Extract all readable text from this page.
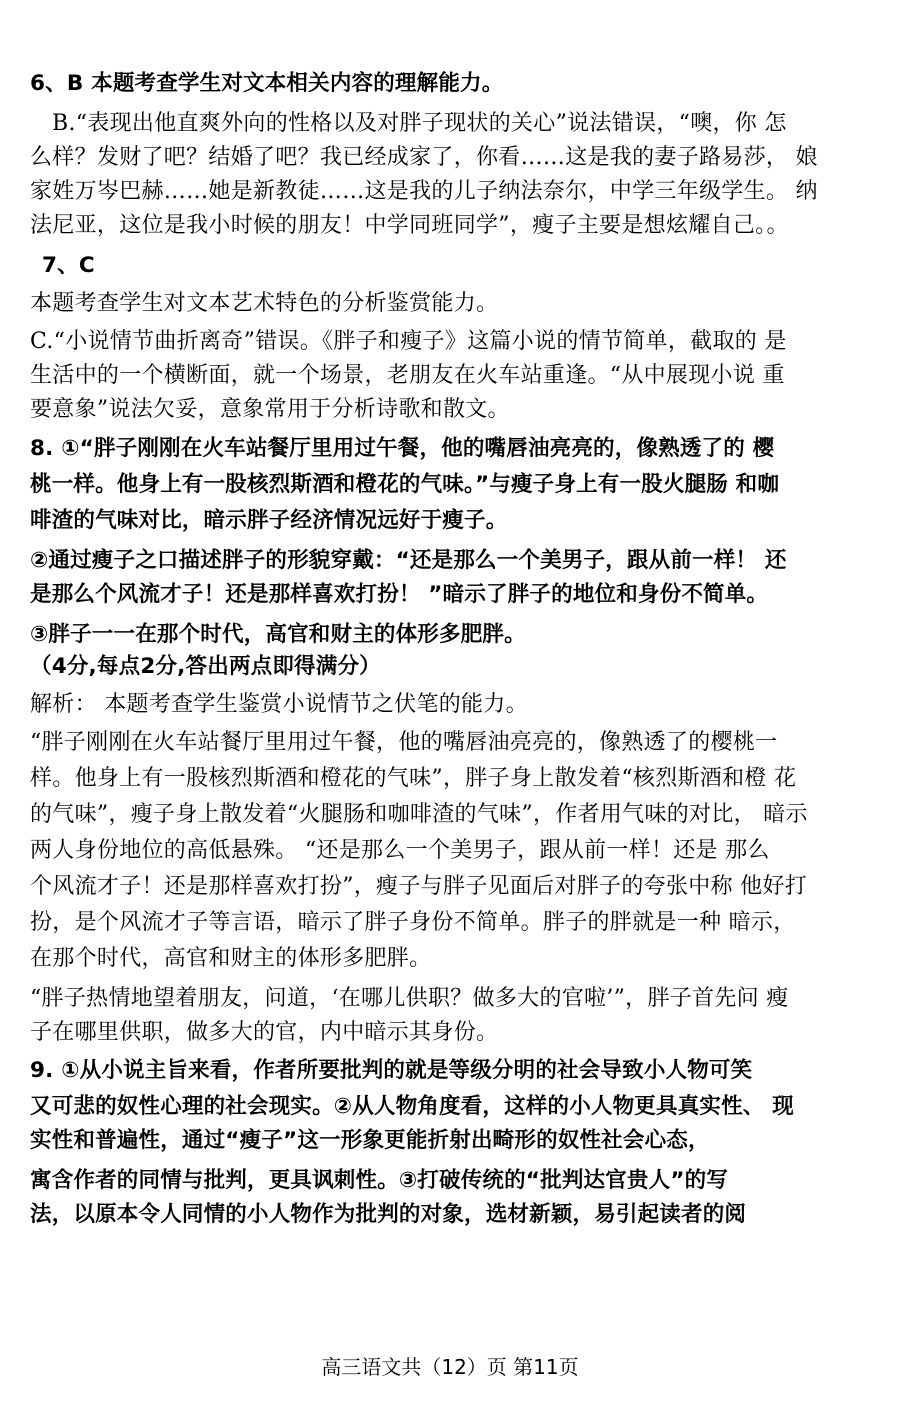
6、B 本题考查学生对文本相关内容的理解能力。
B.“表现出他直爽外向的性格以及对胖子现状的关心”说法错误，“噢，你 怎
么样？发财了吧？结婚了吧？我已经成家了，你看……这是我的妻子路易莎， 娘
家姓万岑巴赫……她是新教徒……这是我的儿子纳法奈尔，中学三年级学生。 纳
法尼亚，这位是我小时候的朋友！中学同班同学”，瘦子主要是想炫耀自己。。
7、C
本题考查学生对文本艺术特色的分析鉴赏能力。
C.“小说情节曲折离奇”错误。《胖子和瘦子》这篇小说的情节简单，截取的 是
生活中的一个横断面，就一个场景，老朋友在火车站重逢。“从中展现小说 重
要意象”说法欠妥，意象常用于分析诗歌和散文。
8. ①“胖子刚刚在火车站餐厅里用过午餐，他的嘴唇油亮亮的，像熟透了的 樱
桃一样。他身上有一股核烈斯酒和橙花的气味。”与瘦子身上有一股火腿肠 和咖
啡渣的气味对比，暗示胖子经济情况远好于瘦子。
②通过瘦子之口描述胖子的形貌穿戴：“还是那么一个美男子，跟从前一样！ 还
是那么个风流才子！还是那样喜欢打扮！ ”暗示了胖子的地位和身份不简单。
③胖子一一在那个时代，高官和财主的体形多肥胖。
（4分,每点2分,答出两点即得满分）
解析： 本题考查学生鉴赏小说情节之伏笔的能力。
“胖子刚刚在火车站餐厅里用过午餐，他的嘴唇油亮亮的，像熟透了的樱桃一
样。他身上有一股核烈斯酒和橙花的气味”，胖子身上散发着“核烈斯酒和橙 花
的气味”，瘦子身上散发着“火腿肠和咖啡渣的气味”，作者用气味的对比， 暗示
两人身份地位的高低悬殊。 “还是那么一个美男子，跟从前一样！还是 那么
个风流才子！还是那样喜欢打扮”，瘦子与胖子见面后对胖子的夸张中称 他好打
扮，是个风流才子等言语，暗示了胖子身份不简单。胖子的胖就是一种 暗示，
在那个时代，高官和财主的体形多肥胖。
“胖子热情地望着朋友，问道，‘在哪儿供职？做多大的官啦’”，胖子首先问 瘦
子在哪里供职，做多大的官，内中暗示其身份。
9. ①从小说主旨来看，作者所要批判的就是等级分明的社会导致小人物可笑
又可悲的奴性心理的社会现实。②从人物角度看，这样的小人物更具真实性、 现
实性和普遍性，通过“瘦子”这一形象更能折射出畸形的奴性社会心态，
寓含作者的同情与批判，更具讽刺性。③打破传统的“批判达官贵人”的写
法，以原本令人同情的小人物作为批判的对象，选材新颖，易引起读者的阅
高三语文共（12）页 第11页
